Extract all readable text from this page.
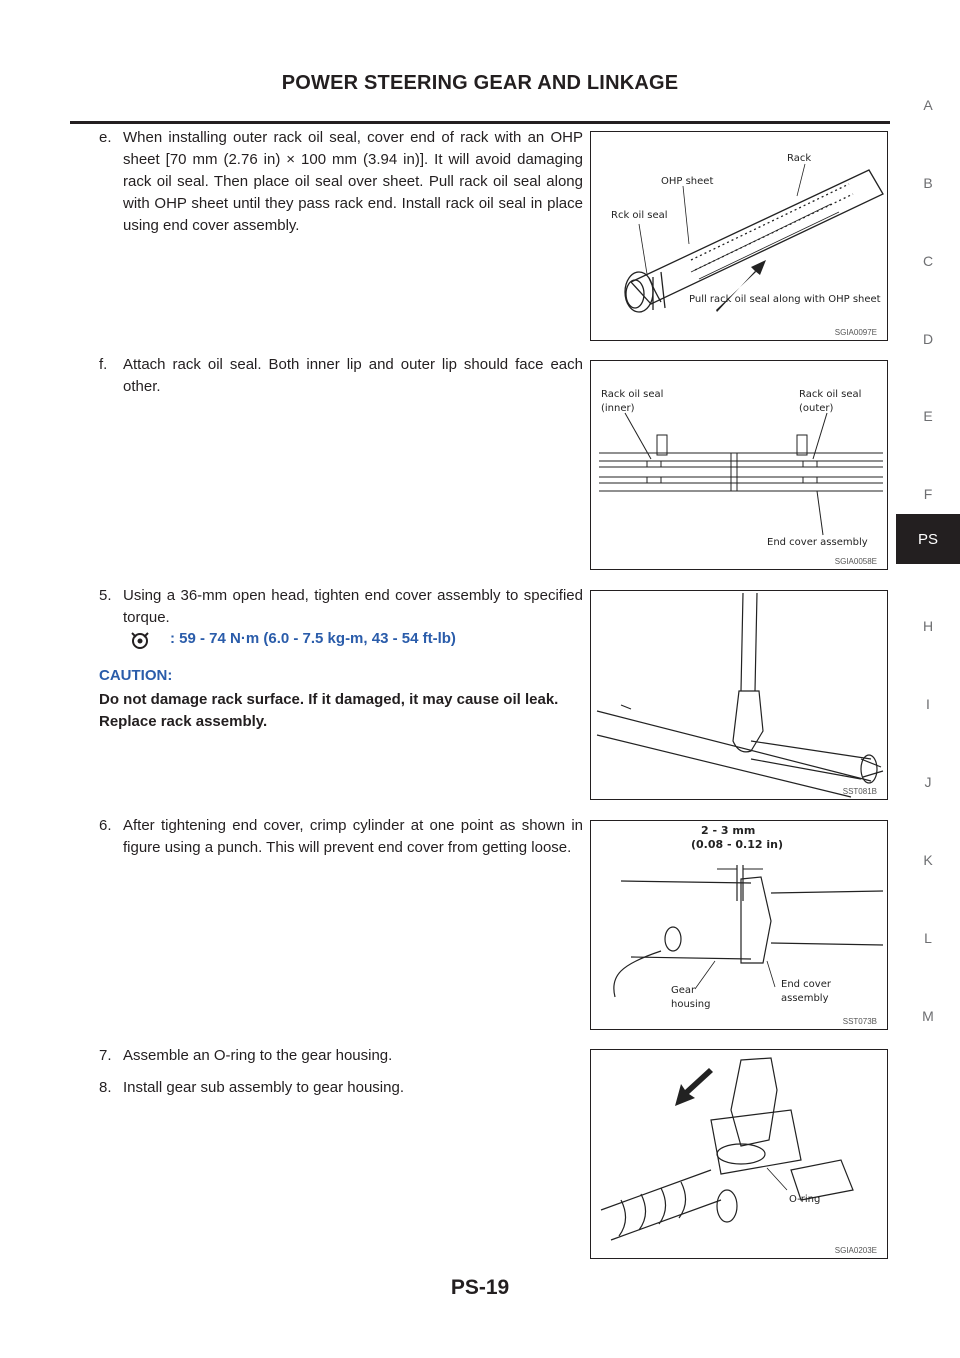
POWER STEERING GEAR AND LINKAGE
A
B
C
D
E
F
H
I
J
K
L
M
PS
e. When installing outer rack oil seal, cover end of rack with an OHP sheet [70 mm (2.76 in) × 100 mm (3.94 in)]. It will avoid damaging rack oil seal. Then place oil seal over sheet. Pull rack oil seal along with OHP sheet until they pass rack end. Install rack oil seal in place using end cover assembly.
Rack
OHP sheet
Rck oil seal
Pull rack oil seal along with OHP sheet
SGIA0097E
f.	Attach rack oil seal. Both inner lip and outer lip should face each other.	Rack oil seal
(inner)
Rack oil seal
(outer)
End cover assembly
SGIA0058E
5. Using a 36-mm open head, tighten end cover assembly to specified torque.
: 59 - 74 N·m (6.0 - 7.5 kg-m, 43 - 54 ft-lb)
CAUTION:
Do not damage rack surface. If it damaged, it may cause oil leak. Replace rack assembly.
SST081B
6. After tightening end cover, crimp cylinder at one point as shown in figure using a punch. This will prevent end cover from getting loose.
2 - 3 mm
(0.08 - 0.12 in)
Gear
housing
End cover
assembly
SST073B
7. Assemble an O-ring to the gear housing.
8. Install gear sub assembly to gear housing.
O-ring
SGIA0203E
PS-19
